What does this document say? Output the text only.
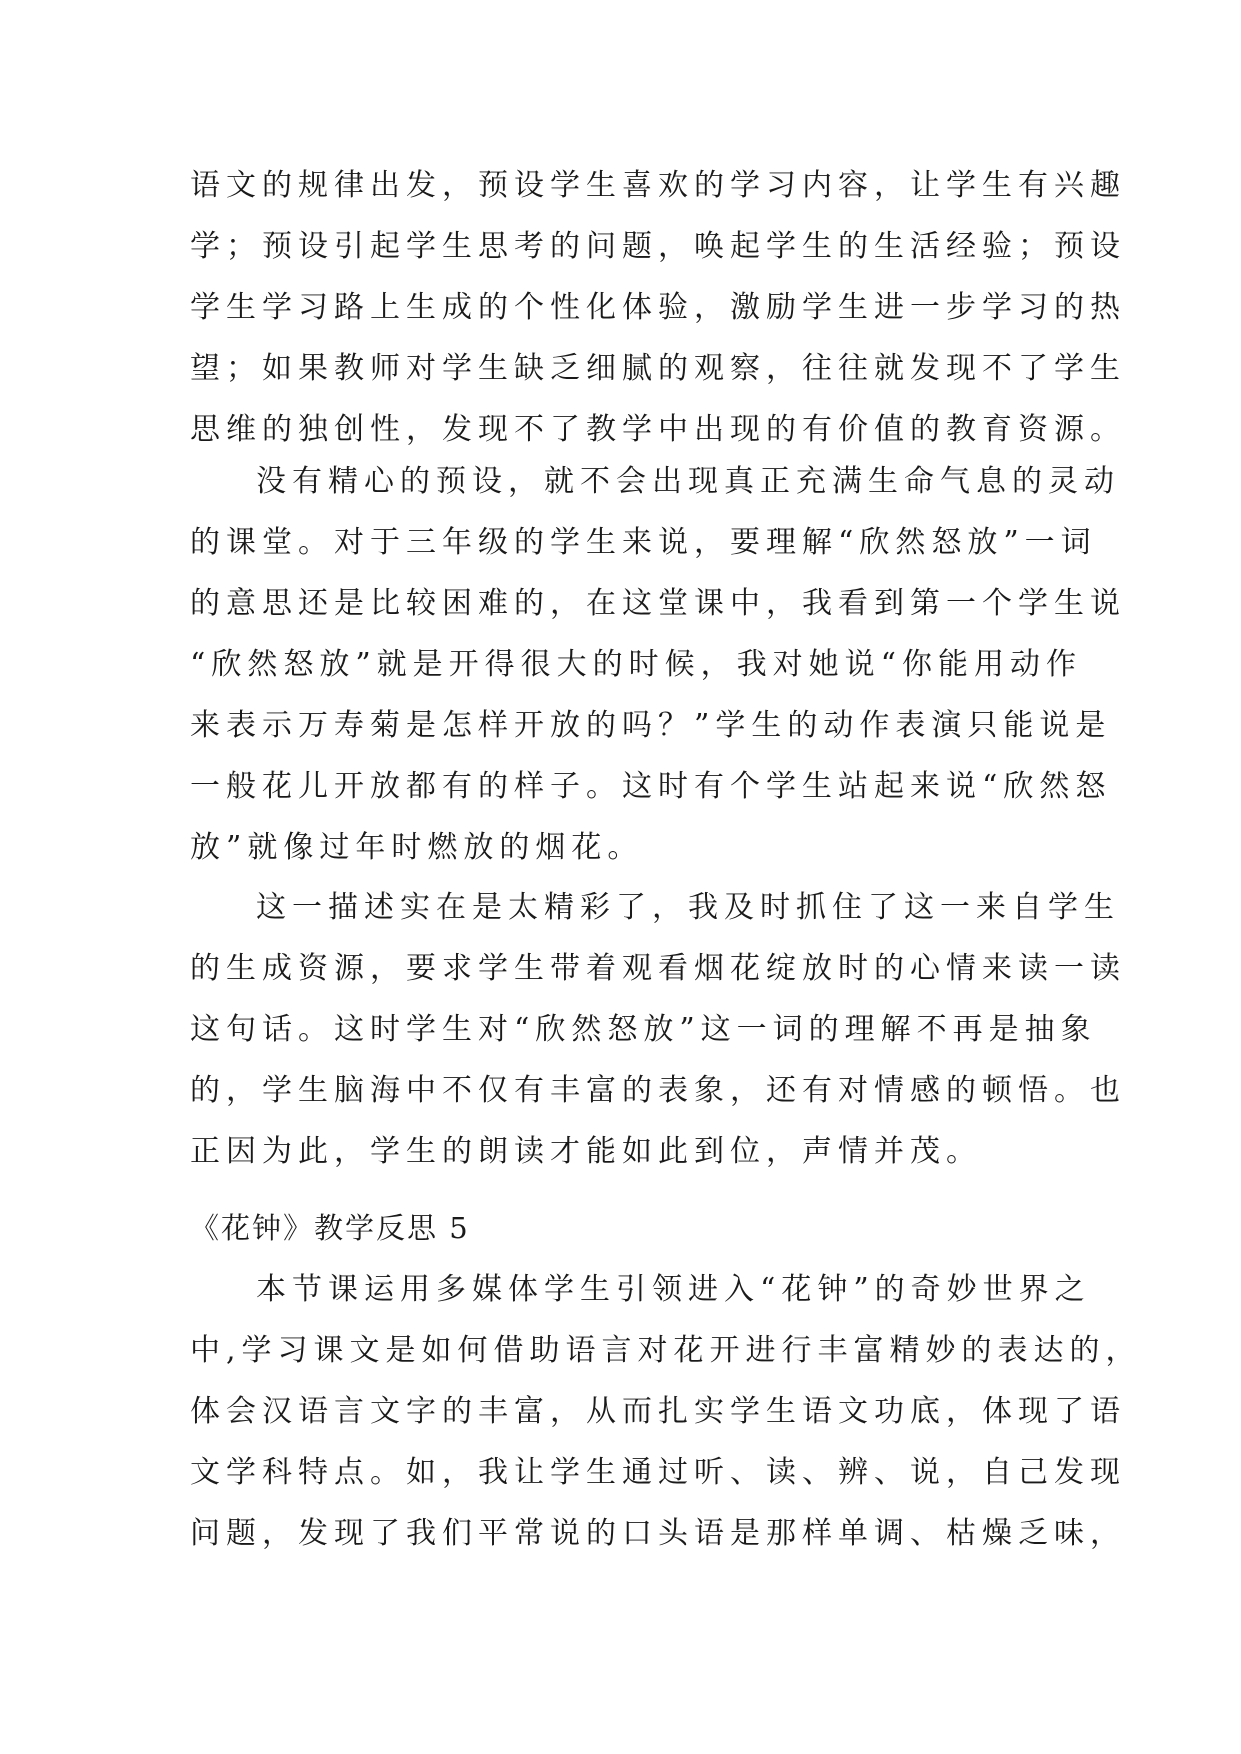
语文的规律出发，预设学生喜欢的学习内容，让学生有兴趣
学；预设引起学生思考的问题，唤起学生的生活经验；预设
学生学习路上生成的个性化体验，激励学生进一步学习的热
望；如果教师对学生缺乏细腻的观察，往往就发现不了学生
思维的独创性，发现不了教学中出现的有价值的教育资源。
没有精心的预设，就不会出现真正充满生命气息的灵动
的课堂。对于三年级的学生来说，要理解“欣然怒放”一词
的意思还是比较困难的，在这堂课中，我看到第一个学生说
“欣然怒放”就是开得很大的时候，我对她说“你能用动作
来表示万寿菊是怎样开放的吗？”学生的动作表演只能说是
一般花儿开放都有的样子。这时有个学生站起来说“欣然怒
放”就像过年时燃放的烟花。
这一描述实在是太精彩了，我及时抓住了这一来自学生
的生成资源，要求学生带着观看烟花绽放时的心情来读一读
这句话。这时学生对“欣然怒放”这一词的理解不再是抽象
的，学生脑海中不仅有丰富的表象，还有对情感的顿悟。也
正因为此，学生的朗读才能如此到位，声情并茂。
《花钟》教学反思 5
本节课运用多媒体学生引领进入“花钟”的奇妙世界之
中,学习课文是如何借助语言对花开进行丰富精妙的表达的，
体会汉语言文字的丰富，从而扎实学生语文功底，体现了语
文学科特点。如，我让学生通过听、读、辨、说，自己发现
问题，发现了我们平常说的口头语是那样单调、枯燥乏味，
